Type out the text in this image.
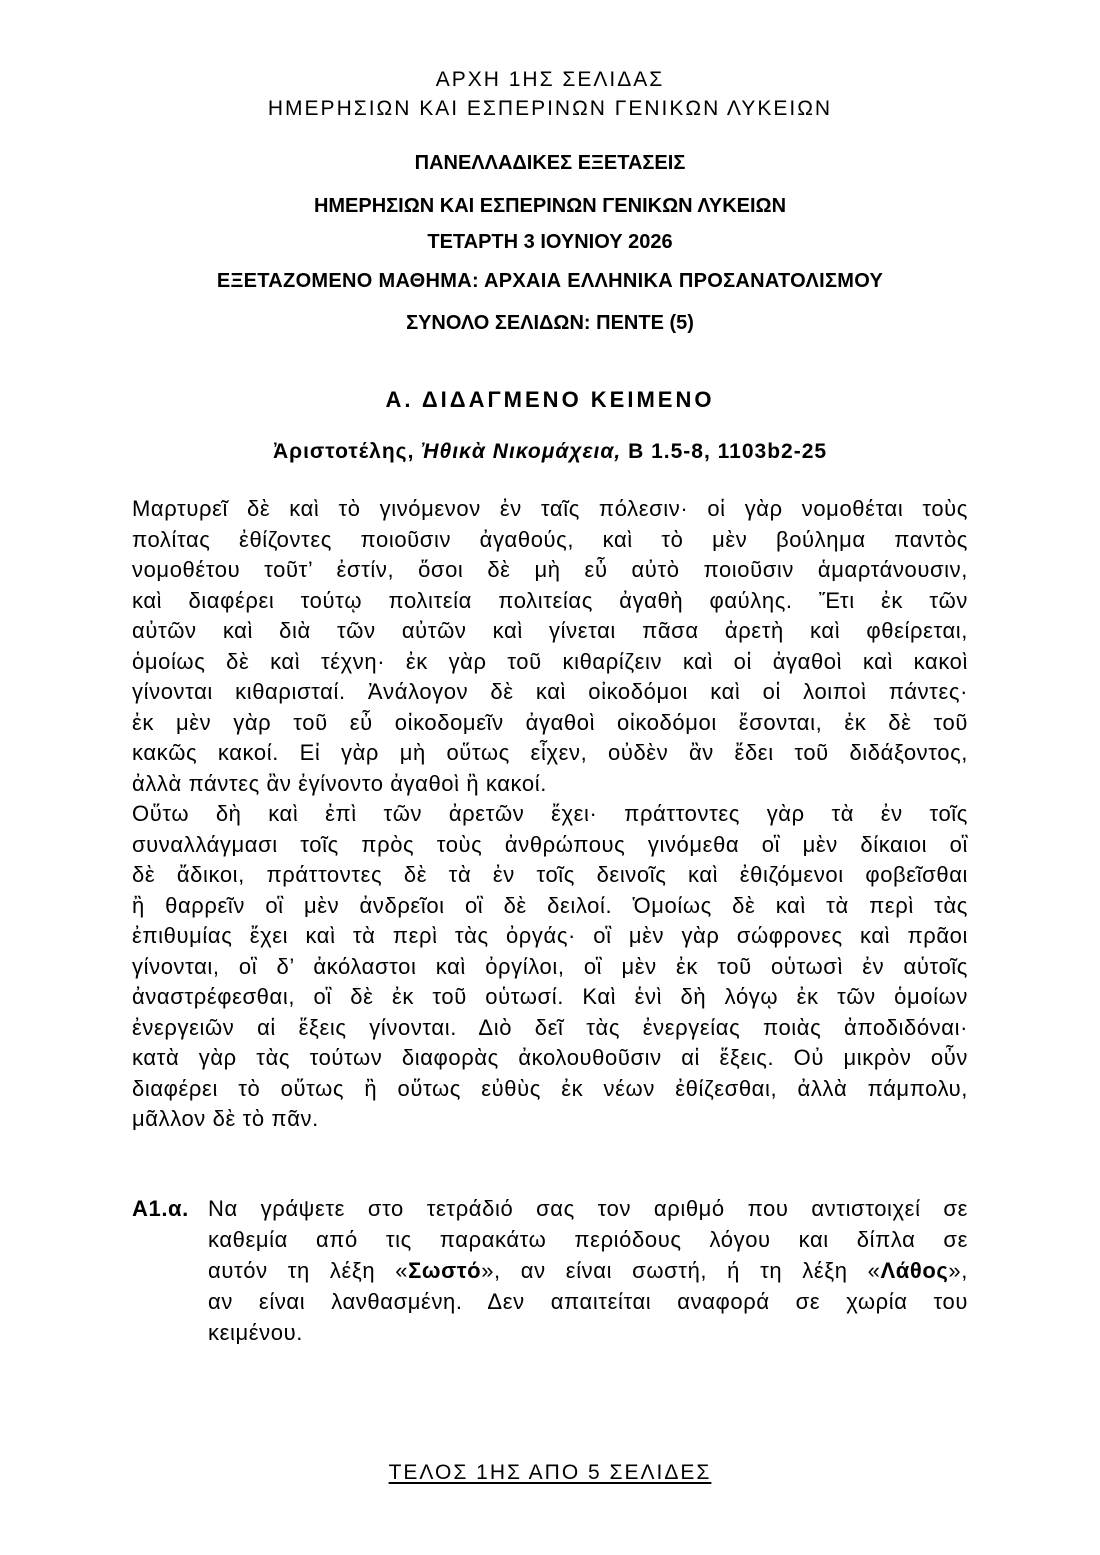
ΑΡΧΗ 1ΗΣ ΣΕΛΙΔΑΣ
ΗΜΕΡΗΣΙΩΝ ΚΑΙ ΕΣΠΕΡΙΝΩΝ ΓΕΝΙΚΩΝ ΛΥΚΕΙΩΝ
ΠΑΝΕΛΛΑΔΙΚΕΣ ΕΞΕΤΑΣΕΙΣ
ΗΜΕΡΗΣΙΩΝ ΚΑΙ ΕΣΠΕΡΙΝΩΝ ΓΕΝΙΚΩΝ ΛΥΚΕΙΩΝ
ΤΕΤΑΡΤΗ 3 ΙΟΥΝΙΟΥ 2026
ΕΞΕΤΑΖΟΜΕΝΟ ΜΑΘΗΜΑ: ΑΡΧΑΙΑ ΕΛΛΗΝΙΚΑ ΠΡΟΣΑΝΑΤΟΛΙΣΜΟΥ
ΣΥΝΟΛΟ ΣΕΛΙΔΩΝ: ΠΕΝΤΕ (5)
Α. ΔΙΔΑΓΜΕΝΟ ΚΕΙΜΕΝΟ
Ἀριστοτέλης, Ἠθικὰ Νικομάχεια, Β 1.5-8, 1103b2-25
Μαρτυρεῖ δὲ καὶ τὸ γινόμενον ἐν ταῖς πόλεσιν· οἱ γὰρ νομοθέται τοὺς
πολίτας ἐθίζοντες ποιοῦσιν ἀγαθούς, καὶ τὸ μὲν βούλημα παντὸς
νομοθέτου τοῦτ’ ἐστίν, ὅσοι δὲ μὴ εὖ αὐτὸ ποιοῦσιν ἁμαρτάνουσιν,
καὶ διαφέρει τούτῳ πολιτεία πολιτείας ἀγαθὴ φαύλης. Ἔτι ἐκ τῶν
αὐτῶν καὶ διὰ τῶν αὐτῶν καὶ γίνεται πᾶσα ἀρετὴ καὶ φθείρεται,
ὁμοίως δὲ καὶ τέχνη· ἐκ γὰρ τοῦ κιθαρίζειν καὶ οἱ ἀγαθοὶ καὶ κακοὶ
γίνονται κιθαρισταί. Ἀνάλογον δὲ καὶ οἰκοδόμοι καὶ οἱ λοιποὶ πάντες·
ἐκ μὲν γὰρ τοῦ εὖ οἰκοδομεῖν ἀγαθοὶ οἰκοδόμοι ἔσονται, ἐκ δὲ τοῦ
κακῶς κακοί. Εἰ γὰρ μὴ οὕτως εἶχεν, οὐδὲν ἂν ἔδει τοῦ διδάξοντος,
ἀλλὰ πάντες ἂν ἐγίνοντο ἀγαθοὶ ἢ κακοί.
Οὕτω δὴ καὶ ἐπὶ τῶν ἀρετῶν ἔχει· πράττοντες γὰρ τὰ ἐν τοῖς
συναλλάγμασι τοῖς πρὸς τοὺς ἀνθρώπους γινόμεθα οἳ μὲν δίκαιοι οἳ
δὲ ἄδικοι, πράττοντες δὲ τὰ ἐν τοῖς δεινοῖς καὶ ἐθιζόμενοι φοβεῖσθαι
ἢ θαρρεῖν οἳ μὲν ἀνδρεῖοι οἳ δὲ δειλοί. Ὁμοίως δὲ καὶ τὰ περὶ τὰς
ἐπιθυμίας ἔχει καὶ τὰ περὶ τὰς ὀργάς· οἳ μὲν γὰρ σώφρονες καὶ πρᾶοι
γίνονται, οἳ δ’ ἀκόλαστοι καὶ ὀργίλοι, οἳ μὲν ἐκ τοῦ οὑτωσὶ ἐν αὑτοῖς
ἀναστρέφεσθαι, οἳ δὲ ἐκ τοῦ οὑτωσί. Καὶ ἑνὶ δὴ λόγῳ ἐκ τῶν ὁμοίων
ἐνεργειῶν αἱ ἕξεις γίνονται. Διὸ δεῖ τὰς ἐνεργείας ποιὰς ἀποδιδόναι·
κατὰ γὰρ τὰς τούτων διαφορὰς ἀκολουθοῦσιν αἱ ἕξεις. Οὐ μικρὸν οὖν
διαφέρει τὸ οὕτως ἢ οὕτως εὐθὺς ἐκ νέων ἐθίζεσθαι, ἀλλὰ πάμπολυ,
μᾶλλον δὲ τὸ πᾶν.
Α1.α. Να γράψετε στο τετράδιό σας τον αριθμό που αντιστοιχεί σε
καθεμία από τις παρακάτω περιόδους λόγου και δίπλα σε
αυτόν τη λέξη «Σωστό», αν είναι σωστή, ή τη λέξη «Λάθος»,
αν είναι λανθασμένη. Δεν απαιτείται αναφορά σε χωρία του
κειμένου.
ΤΕΛΟΣ 1ΗΣ ΑΠΟ 5 ΣΕΛΙΔΕΣ
